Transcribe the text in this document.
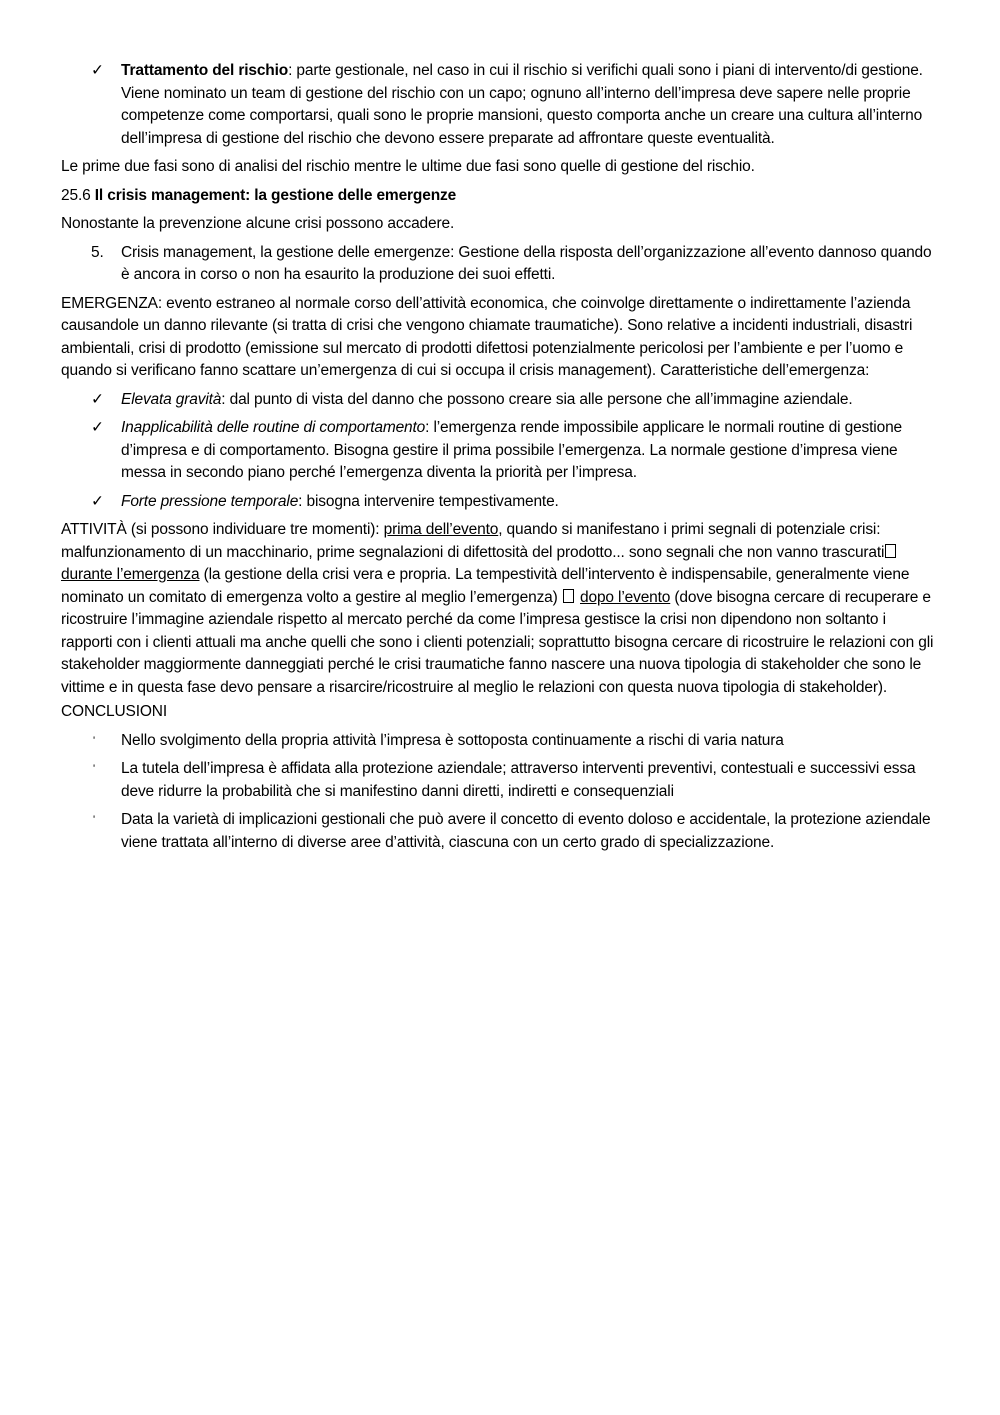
✓ Trattamento del rischio: parte gestionale, nel caso in cui il rischio si verifichi quali sono i piani di intervento/di gestione. Viene nominato un team di gestione del rischio con un capo; ognuno all’interno dell’impresa deve sapere nelle proprie competenze come comportarsi, quali sono le proprie mansioni, questo comporta anche un creare una cultura all’interno dell’impresa di gestione del rischio che devono essere preparate ad affrontare queste eventualità.

Le prime due fasi sono di analisi del rischio mentre le ultime due fasi sono quelle di gestione del rischio.

25.6 Il crisis management: la gestione delle emergenze

Nonostante la prevenzione alcune crisi possono accadere.

5. Crisis management, la gestione delle emergenze: Gestione della risposta dell’organizzazione all’evento dannoso quando è ancora in corso o non ha esaurito la produzione dei suoi effetti.

EMERGENZA: evento estraneo al normale corso dell’attività economica, che coinvolge direttamente o indirettamente l’azienda causandole un danno rilevante (si tratta di crisi che vengono chiamate traumatiche). Sono relative a incidenti industriali, disastri ambientali, crisi di prodotto (emissione sul mercato di prodotti difettosi potenzialmente pericolosi per l’ambiente e per l’uomo e quando si verificano fanno scattare un’emergenza di cui si occupa il crisis management). Caratteristiche dell’emergenza:

✓ Elevata gravità: dal punto di vista del danno che possono creare sia alle persone che all’immagine aziendale.
✓ Inapplicabilità delle routine di comportamento: l’emergenza rende impossibile applicare le normali routine di gestione d’impresa e di comportamento. Bisogna gestire il prima possibile l’emergenza. La normale gestione d’impresa viene messa in secondo piano perché l’emergenza diventa la priorità per l’impresa.
✓ Forte pressione temporale: bisogna intervenire tempestivamente.

ATTIVITÀ (si possono individuare tre momenti): prima dell’evento, quando si manifestano i primi segnali di potenziale crisi: malfunzionamento di un macchinario, prime segnalazioni di difettosità del prodotto... sono segnali che non vanno trascurati durante l’emergenza (la gestione della crisi vera e propria. La tempestività dell’intervento è indispensabile, generalmente viene nominato un comitato di emergenza volto a gestire al meglio l’emergenza)  dopo l’evento (dove bisogna cercare di recuperare e ricostruire l’immagine aziendale rispetto al mercato perché da come l’impresa gestisce la crisi non dipendono non soltanto i rapporti con i clienti attuali ma anche quelli che sono i clienti potenziali; soprattutto bisogna cercare di ricostruire le relazioni con gli stakeholder maggiormente danneggiati perché le crisi traumatiche fanno nascere una nuova tipologia di stakeholder che sono le vittime e in questa fase devo pensare a risarcire/ricostruire al meglio le relazioni con questa nuova tipologia di stakeholder).

CONCLUSIONI

' Nello svolgimento della propria attività l’impresa è sottoposta continuamente a rischi di varia natura
' La tutela dell’impresa è affidata alla protezione aziendale; attraverso interventi preventivi, contestuali e successivi essa deve ridurre la probabilità che si manifestino danni diretti, indiretti e consequenziali
' Data la varietà di implicazioni gestionali che può avere il concetto di evento doloso e accidentale, la protezione aziendale viene trattata all’interno di diverse aree d’attività, ciascuna con un certo grado di specializzazione.
